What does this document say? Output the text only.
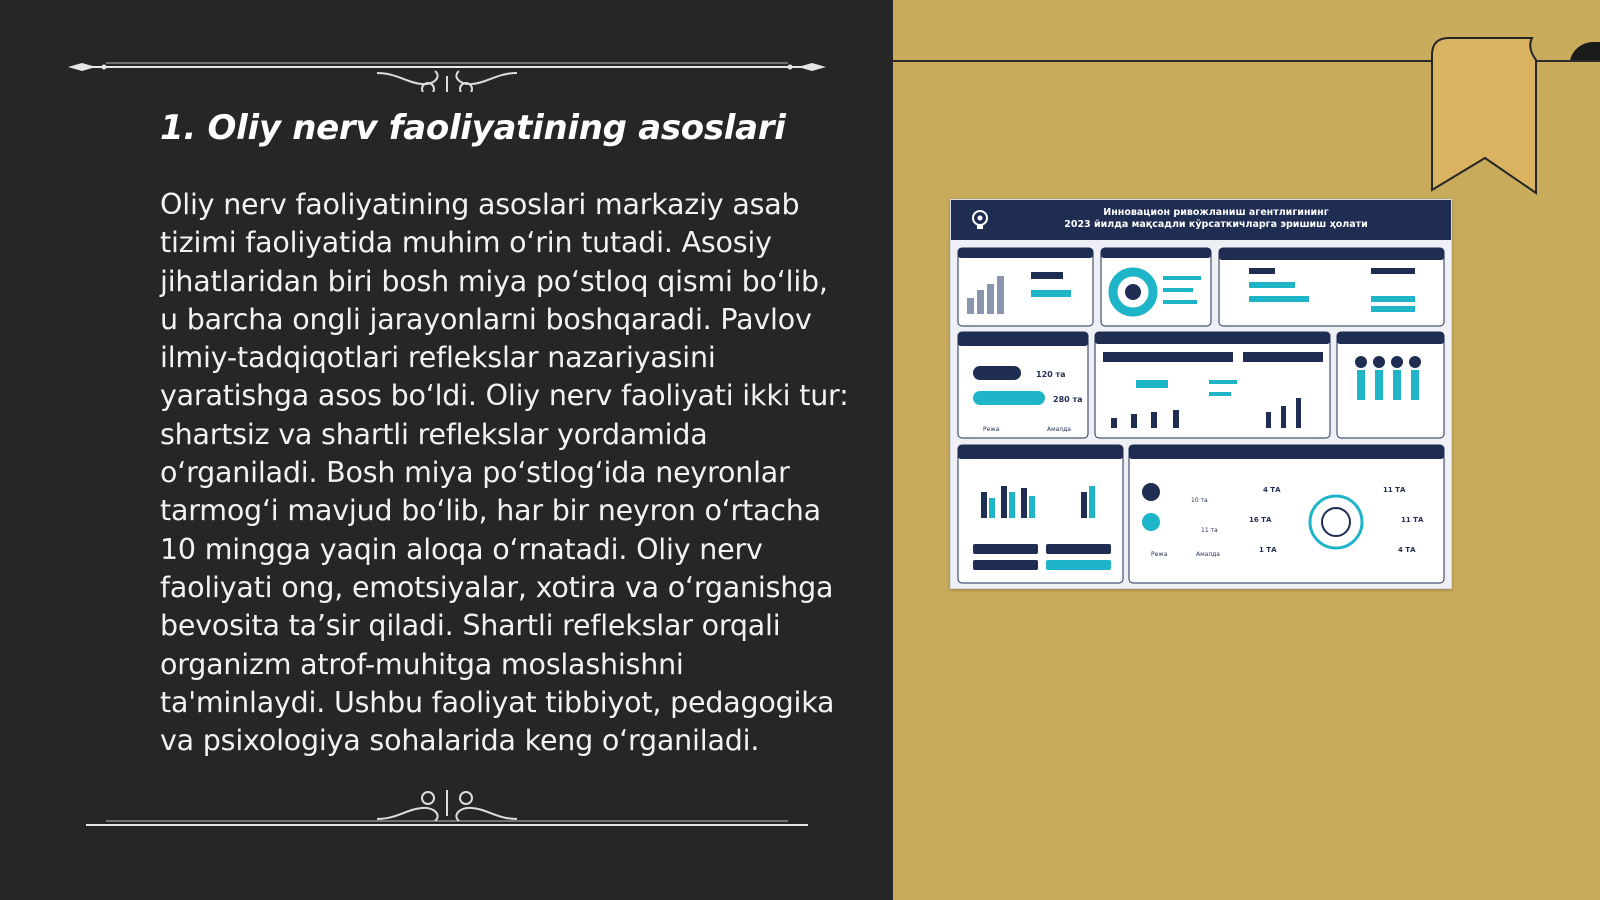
1. Oliy nerv faoliyatining asoslari

Oliy nerv faoliyatining asoslari markaziy asab tizimi faoliyatida muhim o‘rin tutadi. Asosiy jihatlaridan biri bosh miya po‘stloq qismi bo‘lib, u barcha ongli jarayonlarni boshqaradi. Pavlov ilmiy-tadqiqotlari reflekslar nazariyasini yaratishga asos bo‘ldi. Oliy nerv faoliyati ikki tur: shartsiz va shartli reflekslar yordamida o‘rganiladi. Bosh miya po‘stlog‘ida neyronlar tarmog‘i mavjud bo‘lib, har bir neyron o‘rtacha 10 mingga yaqin aloqa o‘rnatadi. Oliy nerv faoliyati ong, emotsiyalar, xotira va o‘rganishga bevosita ta’sir qiladi. Shartli reflekslar orqali organizm atrof-muhitga moslashishni ta'minlaydi. Ushbu faoliyat tibbiyot, pedagogika va psixologiya sohalarida keng o‘rganiladi.

Инновацион ривожланиш агентлигининг
2023 йилда мақсадли кўрсаткичларга эришиш ҳолати
120 та
280 та
Режа	Амалда
10 та
11 та
Режа	Амалда
4 ТА
16 ТА
1 ТА
11 ТА
11 ТА
4 ТА
